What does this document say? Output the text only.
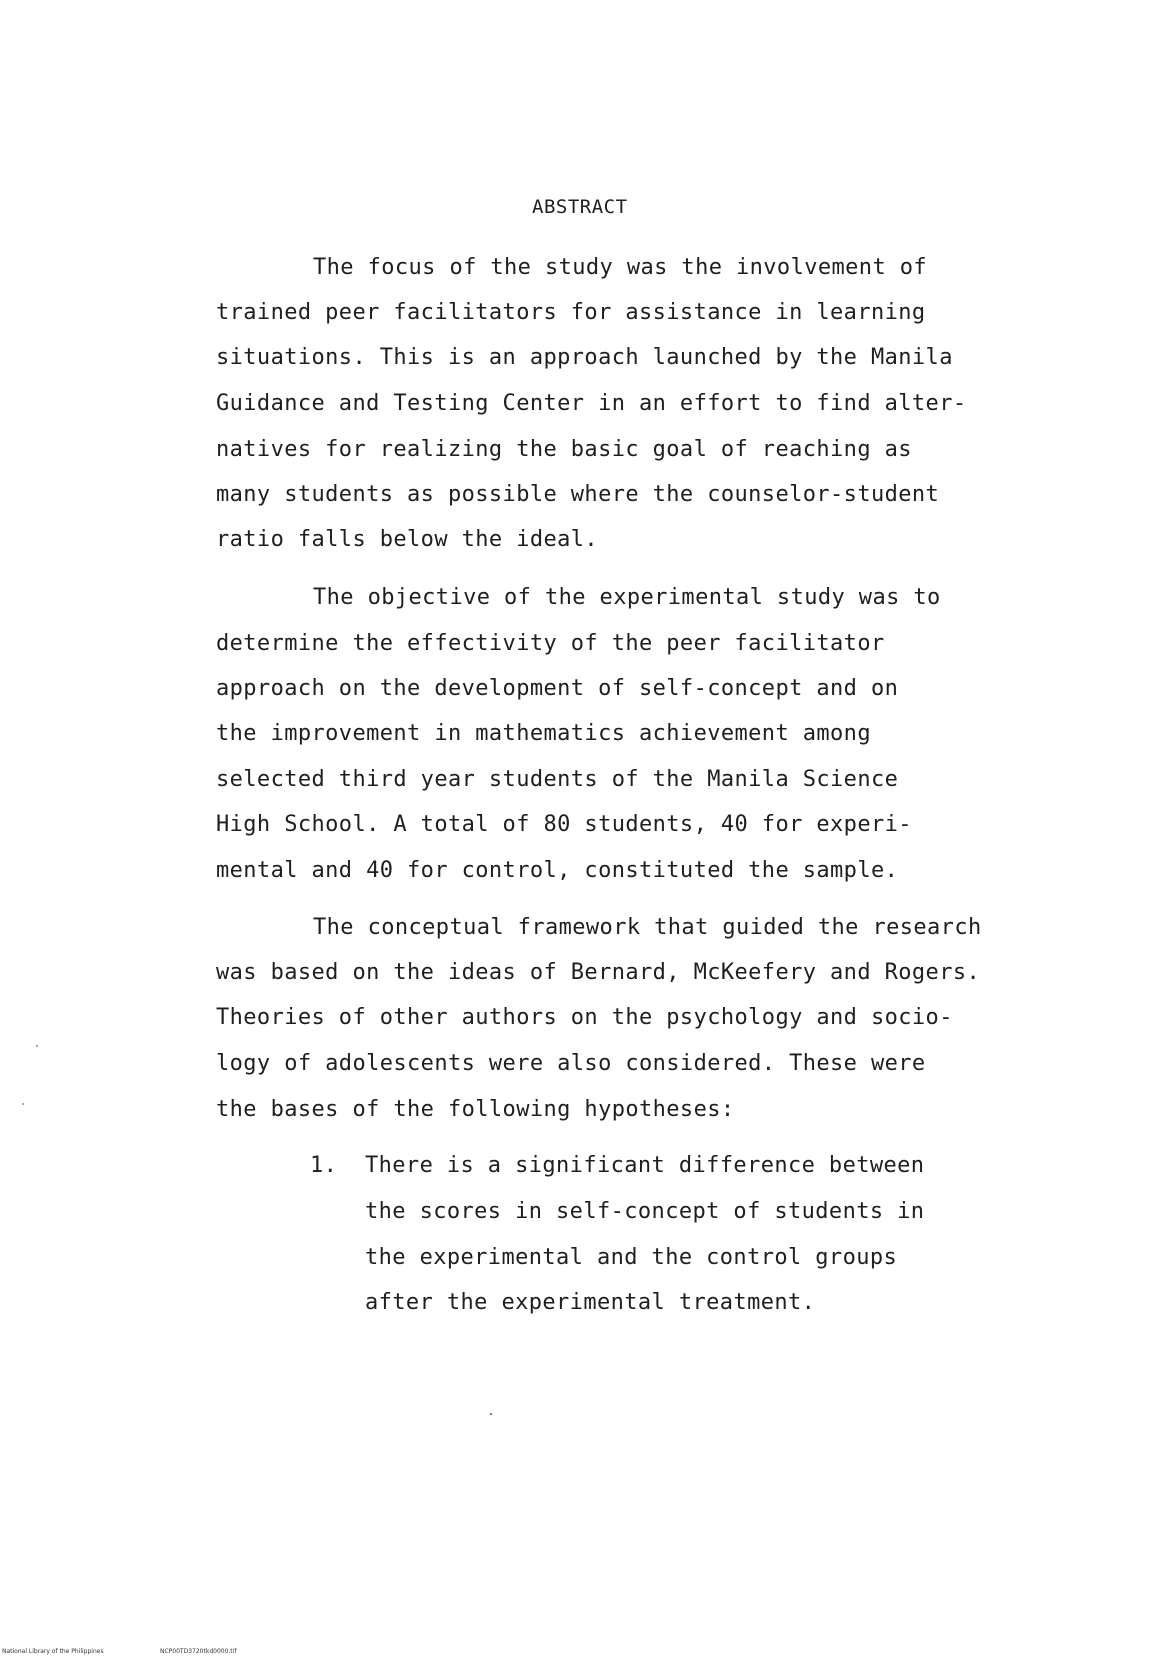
ABSTRACT
The focus of the study was the involvement of
trained peer facilitators for assistance in learning
situations. This is an approach launched by the Manila
Guidance and Testing Center in an effort to find alter-
natives for realizing the basic goal of reaching as
many students as possible where the counselor-student
ratio falls below the ideal.
The objective of the experimental study was to
determine the effectivity of the peer facilitator
approach on the development of self-concept and on
the improvement in mathematics achievement among
selected third year students of the Manila Science
High School. A total of 80 students, 40 for experi-
mental and 40 for control, constituted the sample.
The conceptual framework that guided the research
was based on the ideas of Bernard, McKeefery and Rogers.
Theories of other authors on the psychology and socio-
logy of adolescents were also considered. These were
the bases of the following hypotheses:
1. There is a significant difference between
the scores in self-concept of students in
the experimental and the control groups
after the experimental treatment.
National Library of the Philippines	NCP00TD3720tkd0000.tif
